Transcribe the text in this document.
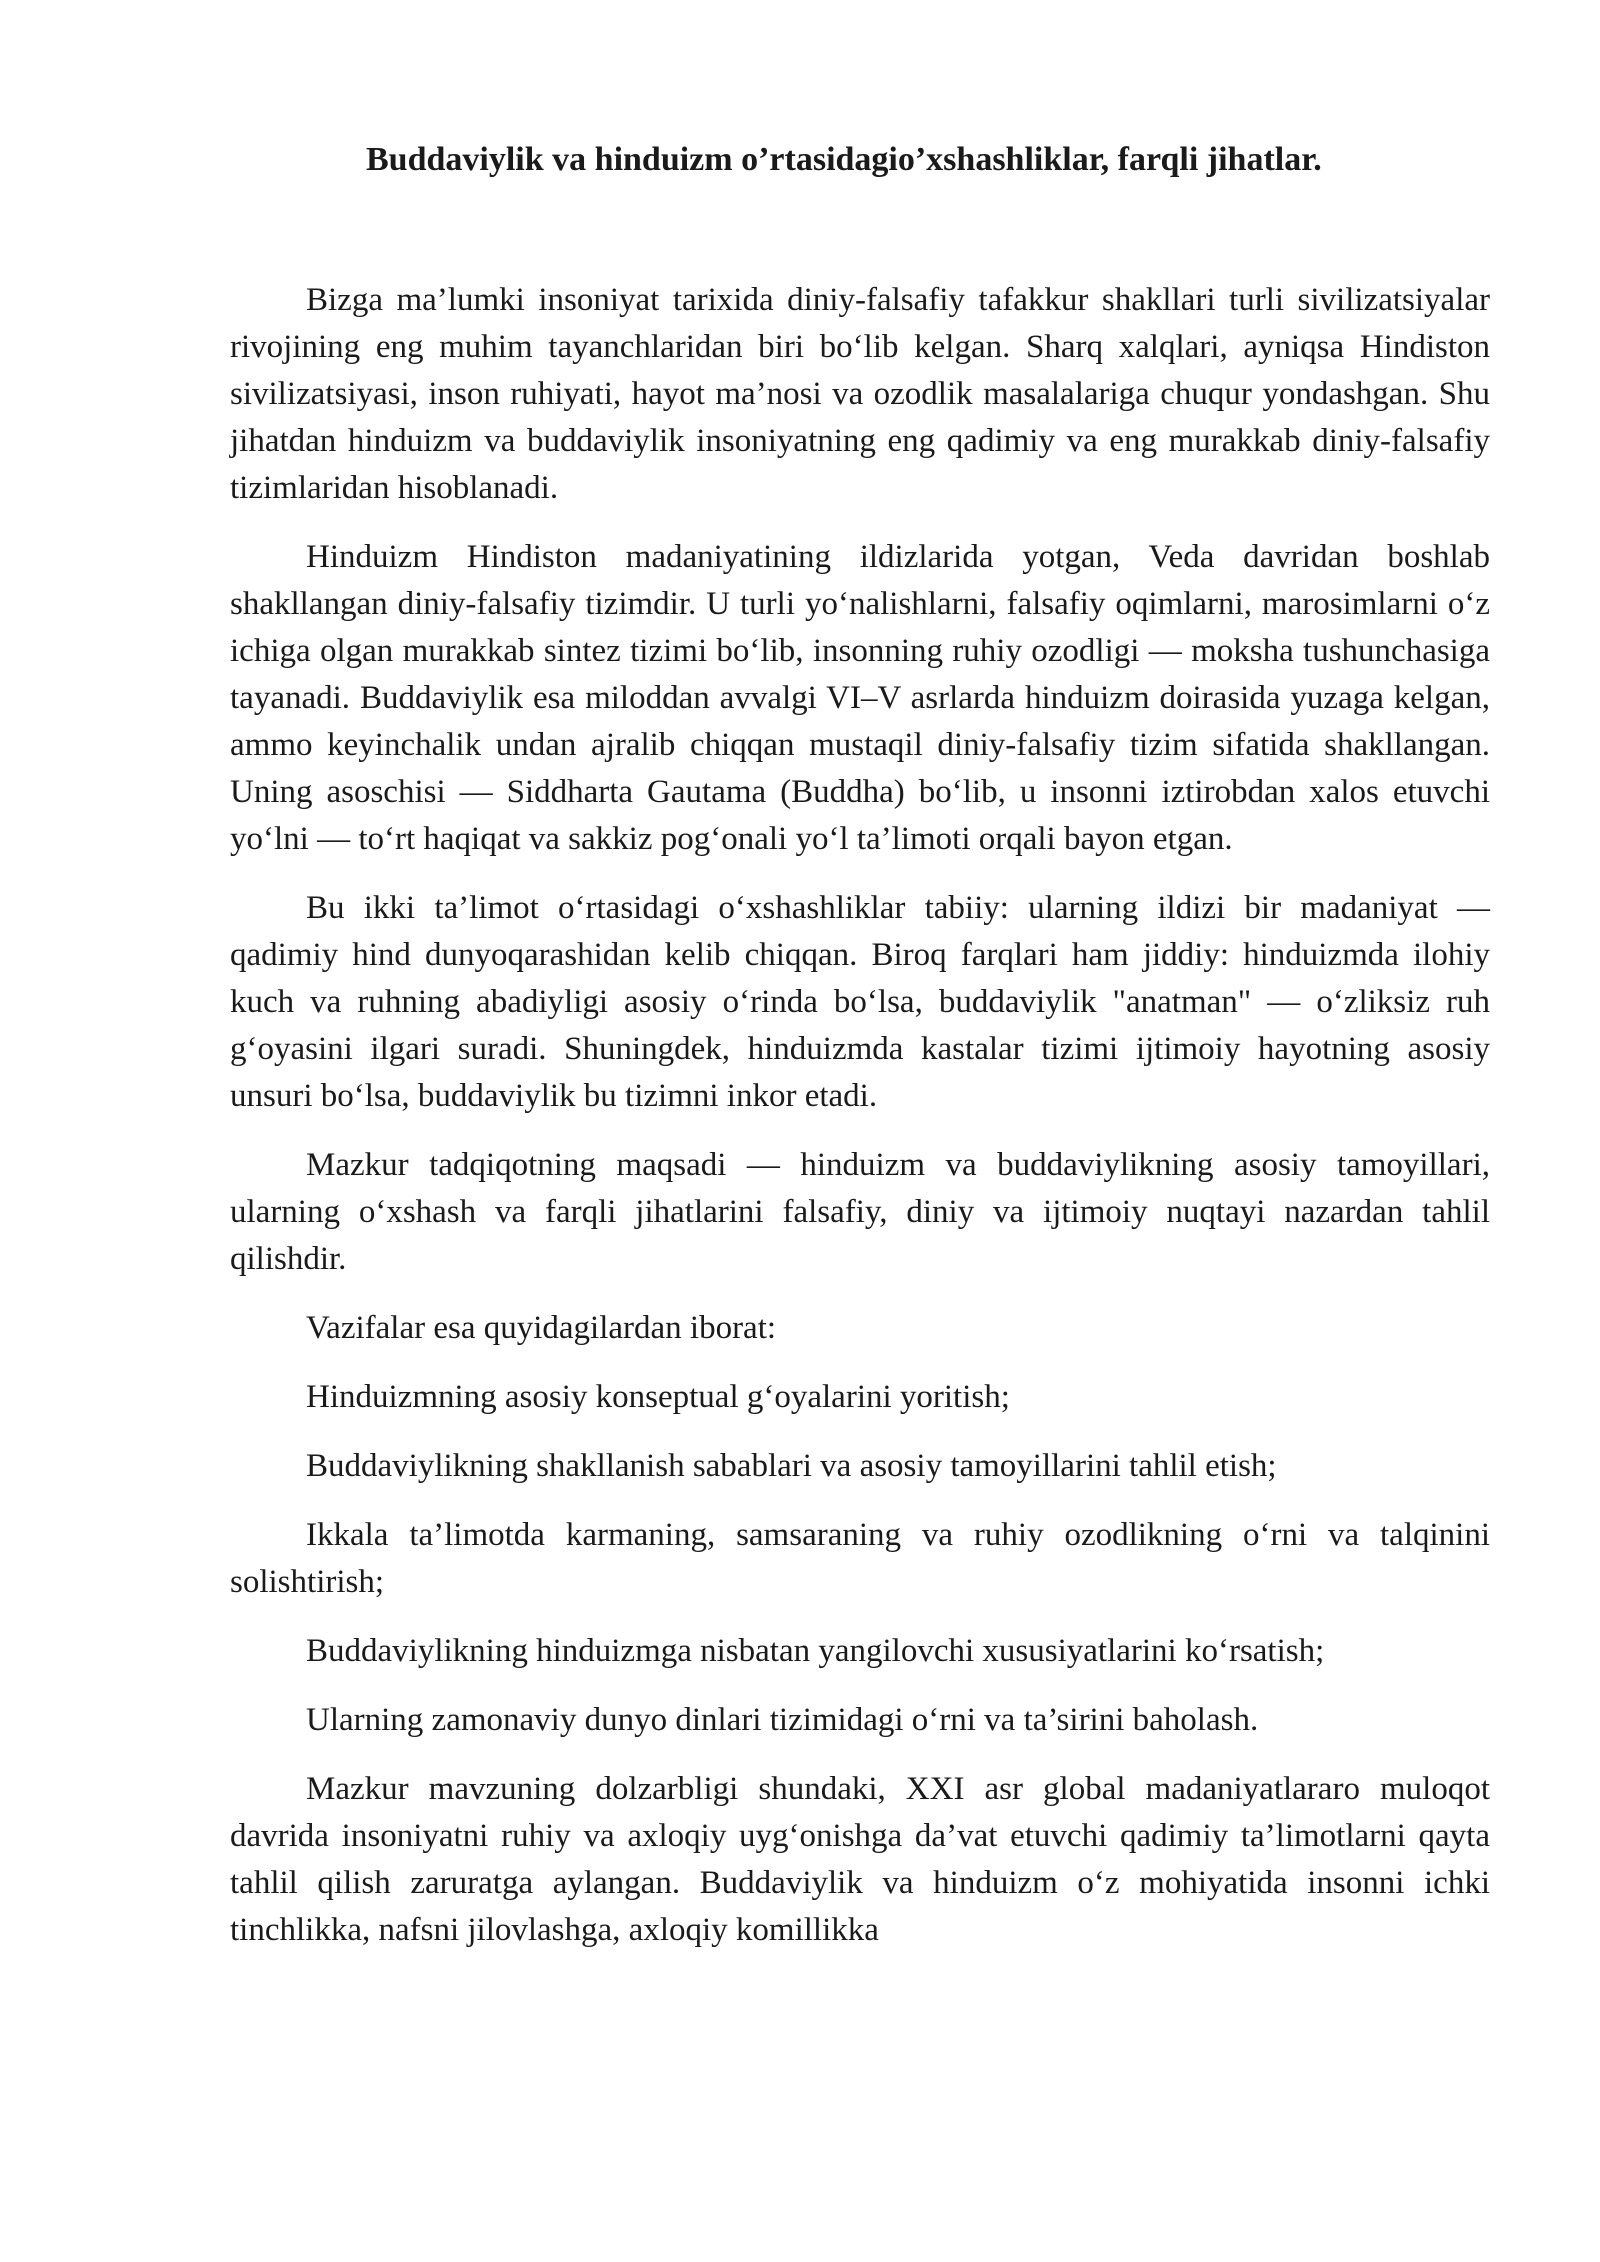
Buddaviylik va hinduizm o’rtasidagio’xshashliklar, farqli jihatlar.

Bizga ma’lumki insoniyat tarixida diniy-falsafiy tafakkur shakllari turli sivilizatsiyalar rivojining eng muhim tayanchlaridan biri bo‘lib kelgan. Sharq xalqlari, ayniqsa Hindiston sivilizatsiyasi, inson ruhiyati, hayot ma’nosi va ozodlik masalalariga chuqur yondashgan. Shu jihatdan hinduizm va buddaviylik insoniyatning eng qadimiy va eng murakkab diniy-falsafiy tizimlaridan hisoblanadi.

Hinduizm Hindiston madaniyatining ildizlarida yotgan, Veda davridan boshlab shakllangan diniy-falsafiy tizimdir. U turli yo‘nalishlarni, falsafiy oqimlarni, marosimlarni o‘z ichiga olgan murakkab sintez tizimi bo‘lib, insonning ruhiy ozodligi — moksha tushunchasiga tayanadi. Buddaviylik esa miloddan avvalgi VI–V asrlarda hinduizm doirasida yuzaga kelgan, ammo keyinchalik undan ajralib chiqqan mustaqil diniy-falsafiy tizim sifatida shakllangan. Uning asoschisi — Siddharta Gautama (Buddha) bo‘lib, u insonni iztirobdan xalos etuvchi yo‘lni — to‘rt haqiqat va sakkiz pog‘onali yo‘l ta’limoti orqali bayon etgan.

Bu ikki ta’limot o‘rtasidagi o‘xshashliklar tabiiy: ularning ildizi bir madaniyat — qadimiy hind dunyoqarashidan kelib chiqqan. Biroq farqlari ham jiddiy: hinduizmda ilohiy kuch va ruhning abadiyligi asosiy o‘rinda bo‘lsa, buddaviylik "anatman" — o‘zliksiz ruh g‘oyasini ilgari suradi. Shuningdek, hinduizmda kastalar tizimi ijtimoiy hayotning asosiy unsuri bo‘lsa, buddaviylik bu tizimni inkor etadi.

Mazkur tadqiqotning maqsadi — hinduizm va buddaviylikning asosiy tamoyillari, ularning o‘xshash va farqli jihatlarini falsafiy, diniy va ijtimoiy nuqtayi nazardan tahlil qilishdir.

Vazifalar esa quyidagilardan iborat:

Hinduizmning asosiy konseptual g‘oyalarini yoritish;

Buddaviylikning shakllanish sabablari va asosiy tamoyillarini tahlil etish;

Ikkala ta’limotda karmaning, samsaraning va ruhiy ozodlikning o‘rni va talqinini solishtirish;

Buddaviylikning hinduizmga nisbatan yangilovchi xususiyatlarini ko‘rsatish;

Ularning zamonaviy dunyo dinlari tizimidagi o‘rni va ta’sirini baholash.

Mazkur mavzuning dolzarbligi shundaki, XXI asr global madaniyatlararo muloqot davrida insoniyatni ruhiy va axloqiy uyg‘onishga da’vat etuvchi qadimiy ta’limotlarni qayta tahlil qilish zaruratga aylangan. Buddaviylik va hinduizm o‘z mohiyatida insonni ichki tinchlikka, nafsni jilovlashga, axloqiy komillikka
